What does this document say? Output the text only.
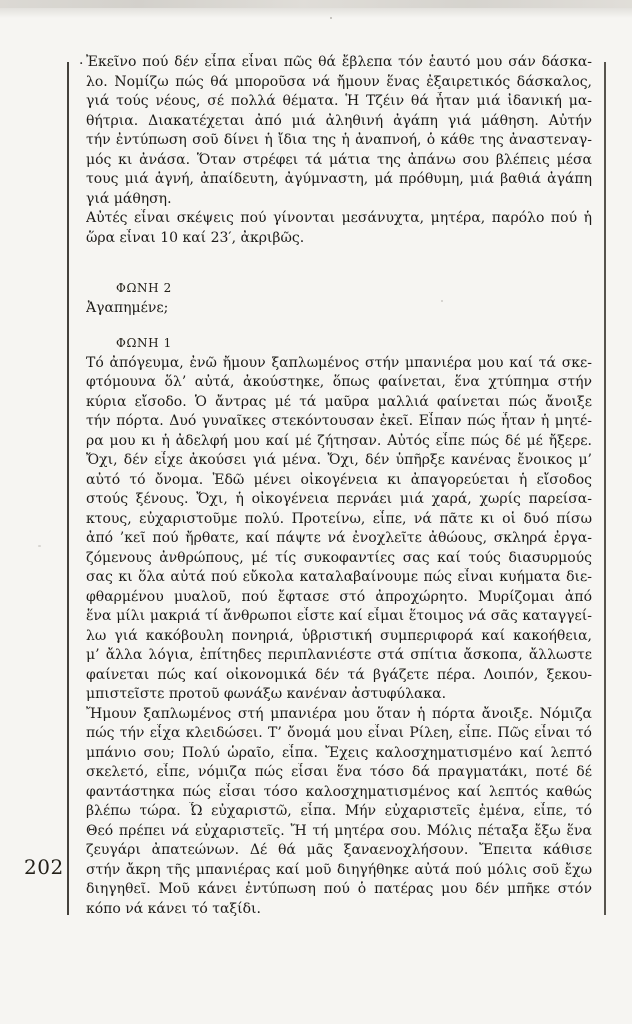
202
· Ἐκεῖνο πού δέν εἶπα εἶναι πῶς θά ἔβλεπα τόν ἑαυτό μου σάν δάσκα-
λο. Νομίζω πώς θά μποροῦσα νά ἤμουν ἕνας ἐξαιρετικός δάσκαλος,
γιά τούς νέους, σέ πολλά θέματα. Ἡ Τζέιν θά ἦταν μιά ἰδανική μα-
θήτρια. Διακατέχεται ἀπό μιά ἀληθινή ἀγάπη γιά μάθηση. Αὐτήν
τήν ἐντύπωση σοῦ δίνει ἡ ἴδια της ἡ ἀναπνοή, ὁ κάθε της ἀναστεναγ-
μός κι ἀνάσα. Ὅταν στρέφει τά μάτια της ἀπάνω σου βλέπεις μέσα
τους μιά ἁγνή, ἀπαίδευτη, ἀγύμναστη, μά πρόθυμη, μιά βαθιά ἀγάπη
γιά μάθηση.
Αὐτές εἶναι σκέψεις πού γίνονται μεσάνυχτα, μητέρα, παρόλο πού ἡ
ὥρα εἶναι 10 καί 23′, ἀκριβῶς.
ΦΩΝΗ 2
Ἀγαπημένε;
ΦΩΝΗ 1
Τό ἀπόγευμα, ἐνῶ ἤμουν ξαπλωμένος στήν μπανιέρα μου καί τά σκε-
φτόμουνα ὅλ’ αὐτά, ἀκούστηκε, ὅπως φαίνεται, ἕνα χτύπημα στήν
κύρια εἴσοδο. Ὁ ἄντρας μέ τά μαῦρα μαλλιά φαίνεται πώς ἄνοιξε
τήν πόρτα. Δυό γυναῖκες στεκόντουσαν ἐκεῖ. Εἶπαν πώς ἦταν ἡ μητέ-
ρα μου κι ἡ ἀδελφή μου καί μέ ζήτησαν. Αὐτός εἶπε πώς δέ μέ ἤξερε.
Ὄχι, δέν εἶχε ἀκούσει γιά μένα. Ὄχι, δέν ὑπῆρξε κανένας ἔνοικος μ’
αὐτό τό ὄνομα. Ἐδῶ μένει οἰκογένεια κι ἀπαγορεύεται ἡ εἴσοδος
στούς ξένους. Ὄχι, ἡ οἰκογένεια περνάει μιά χαρά, χωρίς παρείσα-
κτους, εὐχαριστοῦμε πολύ. Προτείνω, εἶπε, νά πᾶτε κι οἱ δυό πίσω
ἀπό ’κεῖ πού ἤρθατε, καί πάψτε νά ἐνοχλεῖτε ἀθώους, σκληρά ἐργα-
ζόμενους ἀνθρώπους, μέ τίς συκοφαντίες σας καί τούς διασυρμούς
σας κι ὅλα αὐτά πού εὔκολα καταλαβαίνουμε πώς εἶναι κυήματα διε-
φθαρμένου μυαλοῦ, πού ἔφτασε στό ἀπροχώρητο. Μυρίζομαι ἀπό
ἕνα μίλι μακριά τί ἄνθρωποι εἶστε καί εἶμαι ἕτοιμος νά σᾶς καταγγεί-
λω γιά κακόβουλη πονηριά, ὑβριστική συμπεριφορά καί κακοήθεια,
μ’ ἄλλα λόγια, ἐπίτηδες περιπλανιέστε στά σπίτια ἄσκοπα, ἄλλωστε
φαίνεται πώς καί οἰκονομικά δέν τά βγάζετε πέρα. Λοιπόν, ξεκου-
μπιστεῖστε προτοῦ φωνάξω κανέναν ἀστυφύλακα.
Ἤμουν ξαπλωμένος στή μπανιέρα μου ὅταν ἡ πόρτα ἄνοιξε. Νόμιζα
πώς τήν εἶχα κλειδώσει. Τ’ ὄνομά μου εἶναι Ρίλεη, εἶπε. Πῶς εἶναι τό
μπάνιο σου; Πολύ ὡραῖο, εἶπα. Ἔχεις καλοσχηματισμένο καί λεπτό
σκελετό, εἶπε, νόμιζα πώς εἶσαι ἕνα τόσο δά πραγματάκι, ποτέ δέ
φαντάστηκα πώς εἶσαι τόσο καλοσχηματισμένος καί λεπτός καθώς
βλέπω τώρα. Ὦ εὐχαριστῶ, εἶπα. Μήν εὐχαριστεῖς ἐμένα, εἶπε, τό
Θεό πρέπει νά εὐχαριστεῖς. Ἤ τή μητέρα σου. Μόλις πέταξα ἔξω ἕνα
ζευγάρι ἀπατεώνων. Δέ θά μᾶς ξαναενοχλήσουν. Ἔπειτα κάθισε
στήν ἄκρη τῆς μπανιέρας καί μοῦ διηγήθηκε αὐτά πού μόλις σοῦ ἔχω
διηγηθεῖ. Μοῦ κάνει ἐντύπωση πού ὁ πατέρας μου δέν μπῆκε στόν
κόπο νά κάνει τό ταξίδι.
